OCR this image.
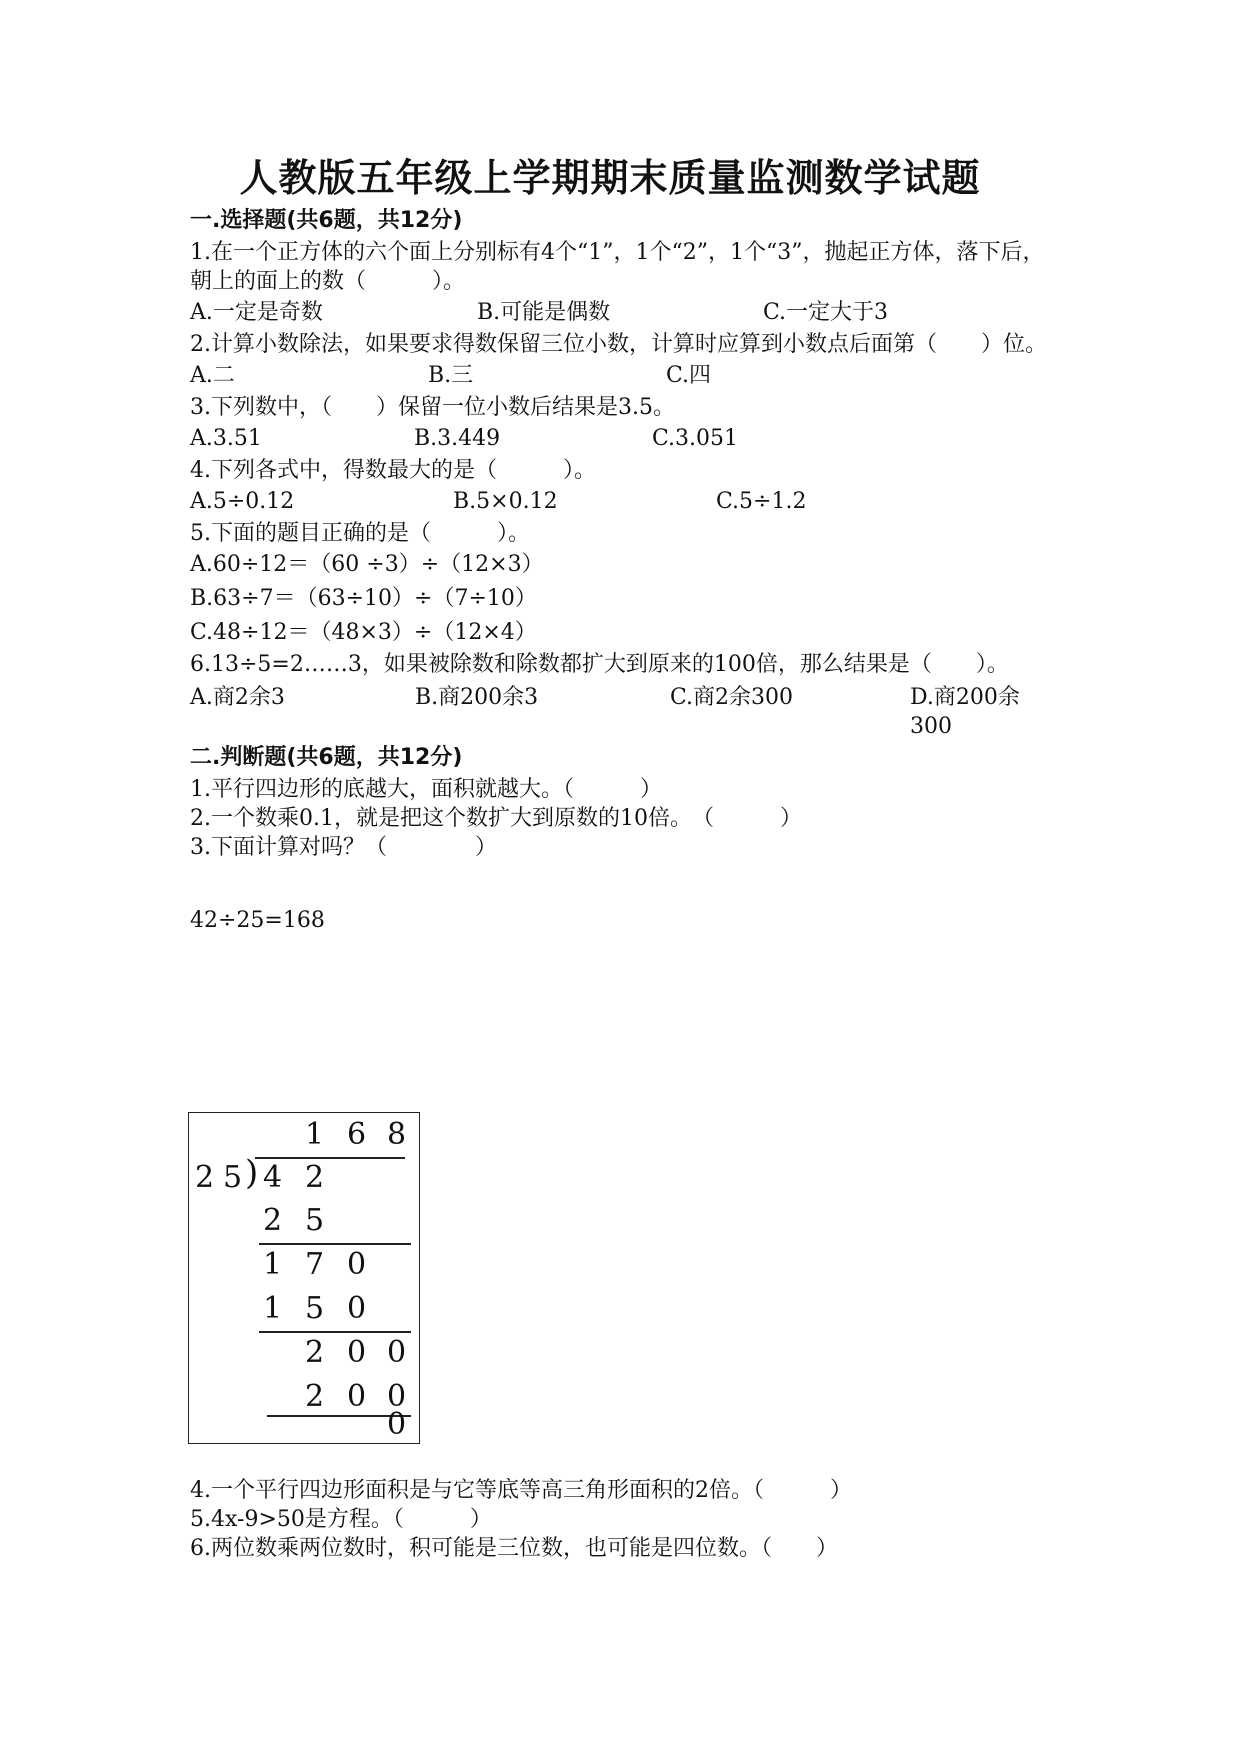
人教版五年级上学期期末质量监测数学试题
一.选择题(共6题，共12分)
1.在一个正方体的六个面上分别标有4个“1”，1个“2”，1个“3”，抛起正方体，落下后，朝上的面上的数（　　　）。
A.一定是奇数	B.可能是偶数	C.一定大于3
2.计算小数除法，如果要求得数保留三位小数，计算时应算到小数点后面第（　　）位。
A.二	B.三	C.四
3.下列数中，（　　）保留一位小数后结果是3.5。
A.3.51	B.3.449	C.3.051
4.下列各式中，得数最大的是（　　　）。
A.5÷0.12	B.5×0.12	C.5÷1.2
5.下面的题目正确的是（　　　）。
A.60÷12＝（60 ÷3）÷（12×3）
B.63÷7＝（63÷10）÷（7÷10）
C.48÷12＝（48×3）÷（12×4）
6.13÷5=2……3，如果被除数和除数都扩大到原来的100倍，那么结果是（　　）。
A.商2余3	B.商200余3	C.商2余300	D.商200余300
二.判断题(共6题，共12分)
1.平行四边形的底越大，面积就越大。（　　　）
2.一个数乘0.1，就是把这个数扩大到原数的10倍。　（　　　）
3.下面计算对吗？（　　　　）
42÷25=168
1 6 8
2 5 ) 4 2
2 5
1 7 0
1 5 0
2 0 0
2 0 0
0
4.一个平行四边形面积是与它等底等高三角形面积的2倍。（　　　）
5.4x-9>50是方程。（　　　）
6.两位数乘两位数时，积可能是三位数，也可能是四位数。（　　）
